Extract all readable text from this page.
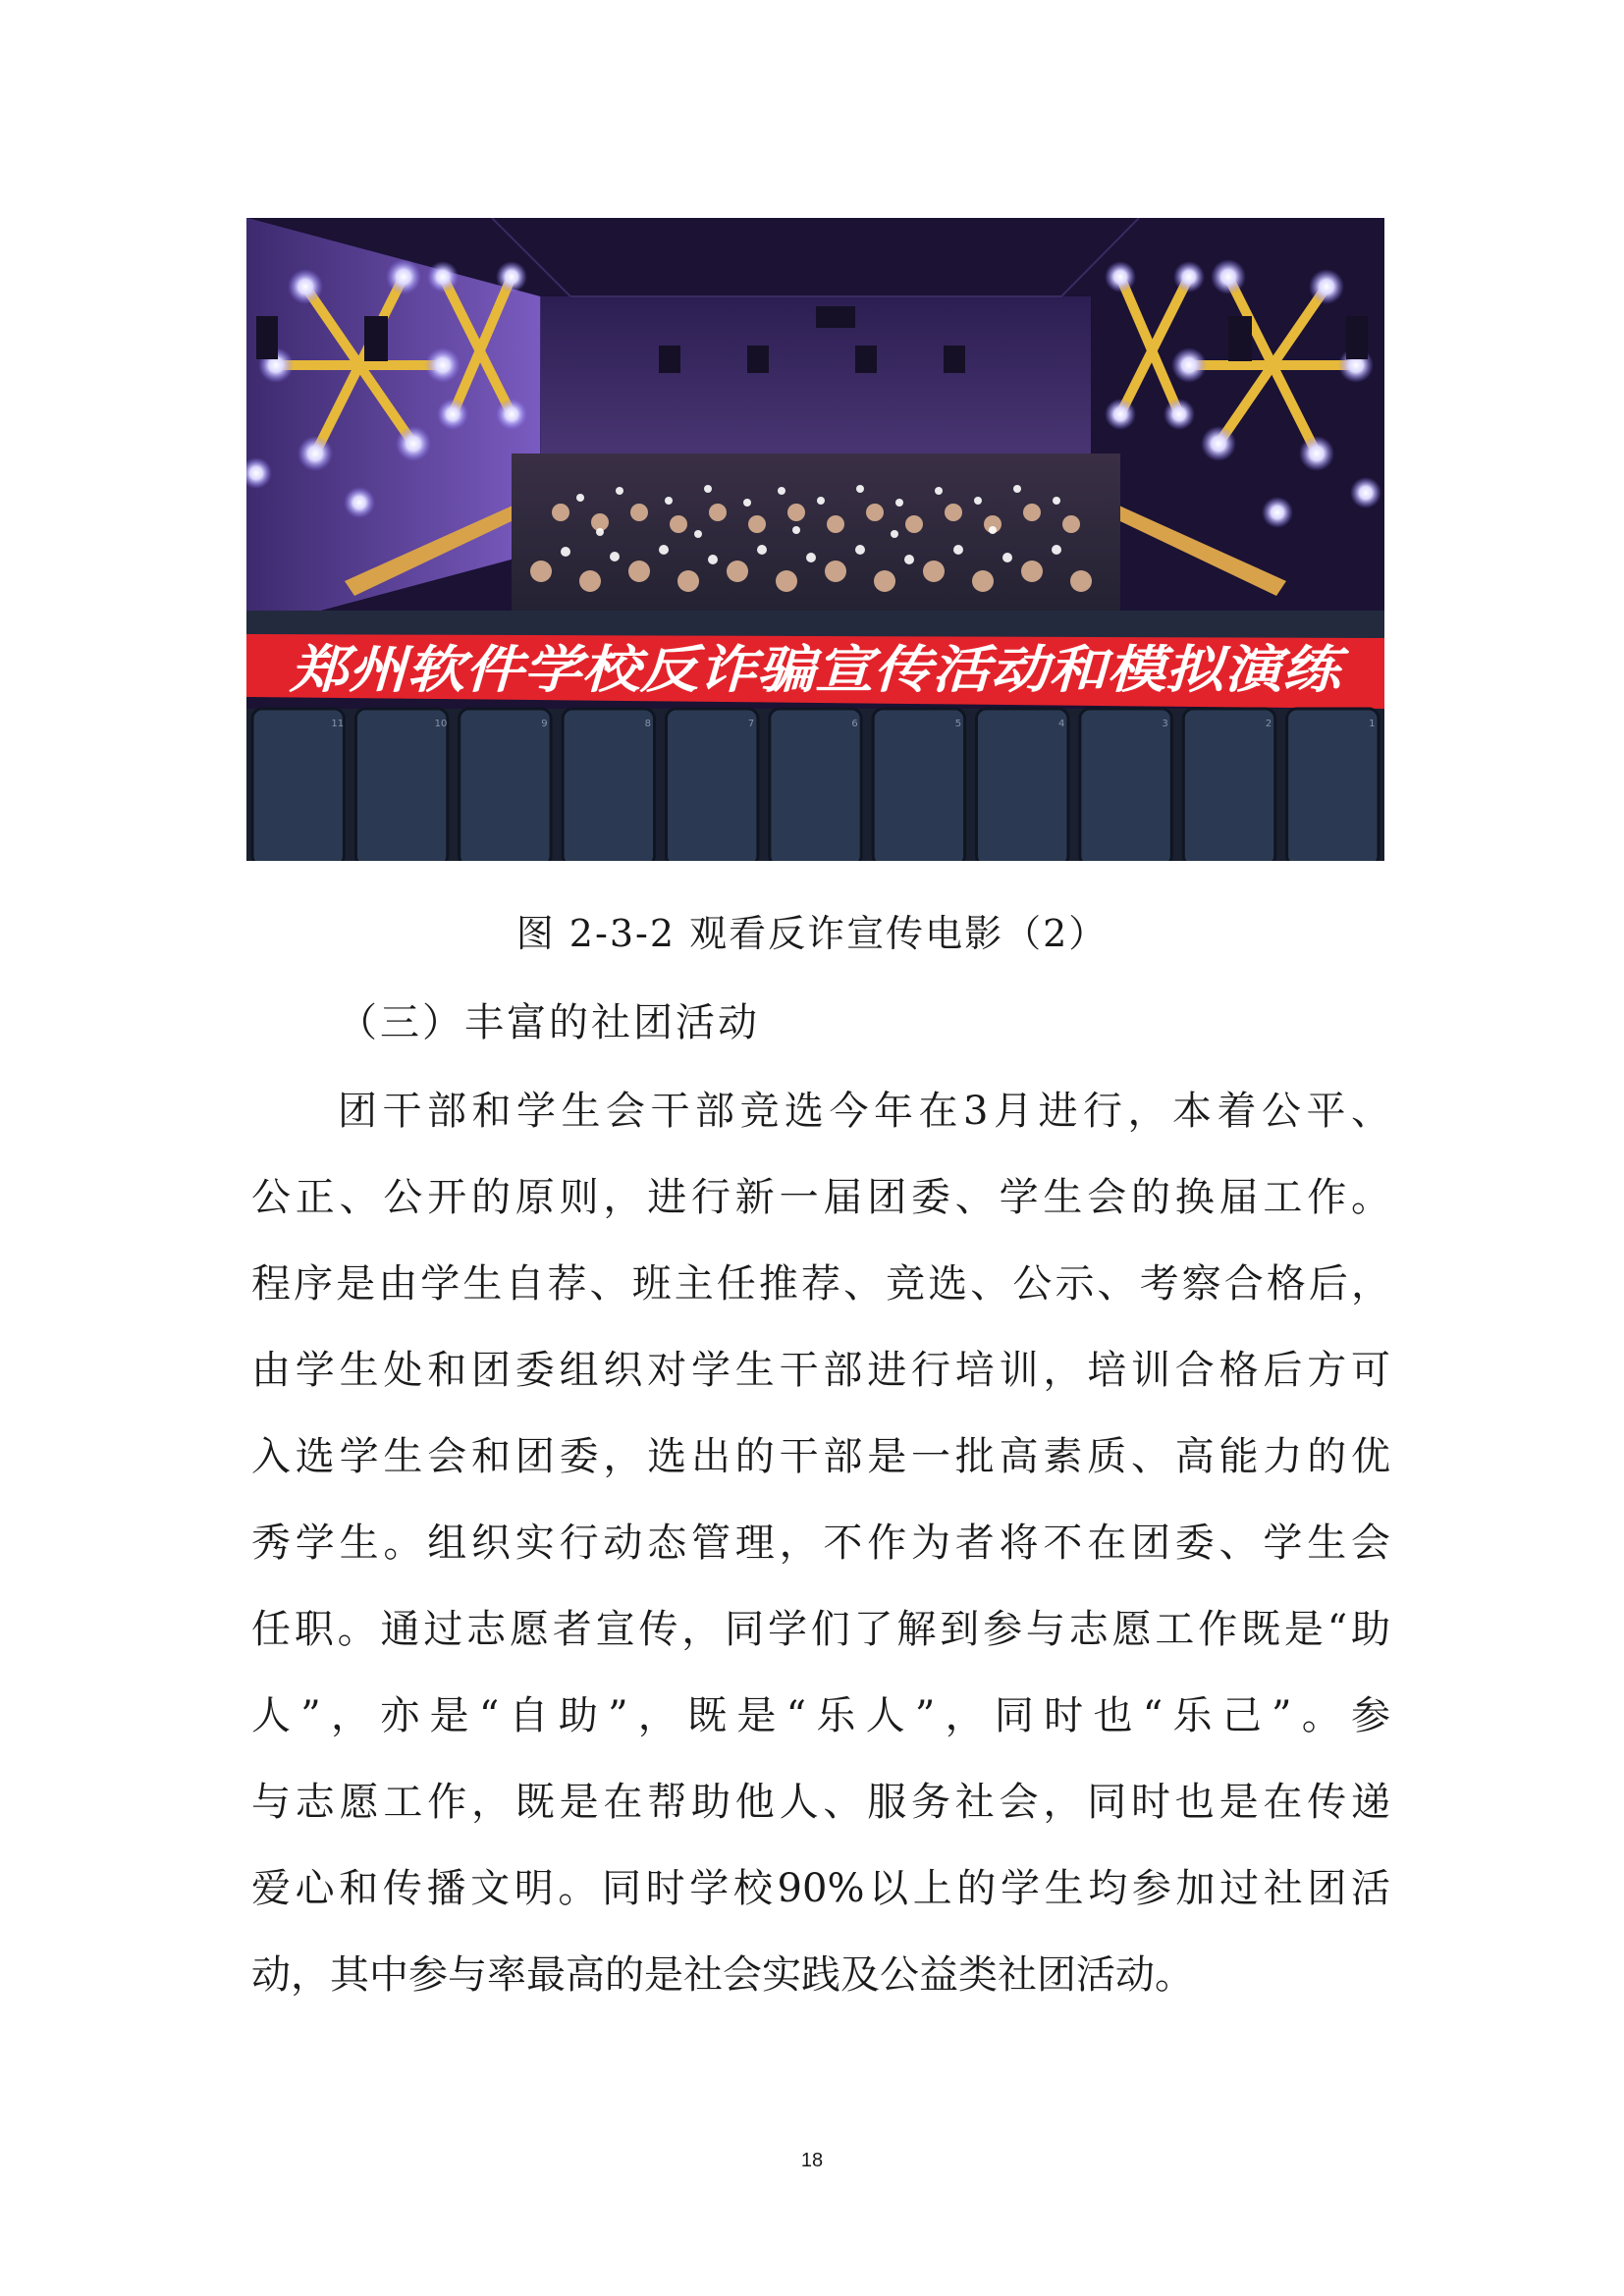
郑州软件学校反诈骗宣传活动和模拟演练
11	10	9	8	7	6	5	4	3	2	1
图 2-3-2 观看反诈宣传电影（2）
（三）丰富的社团活动
团干部和学生会干部竞选今年在3月进行，本着公平、
公正、公开的原则，进行新一届团委、学生会的换届工作。
程序是由学生自荐、班主任推荐、竞选、公示、考察合格后，
由学生处和团委组织对学生干部进行培训，培训合格后方可
入选学生会和团委，选出的干部是一批高素质、高能力的优
秀学生。组织实行动态管理，不作为者将不在团委、学生会
任职。通过志愿者宣传，同学们了解到参与志愿工作既是“助
人”，亦是“自助”，既是“乐人”，同时也“乐己”。参
与志愿工作，既是在帮助他人、服务社会，同时也是在传递
爱心和传播文明。同时学校90%以上的学生均参加过社团活
动，其中参与率最高的是社会实践及公益类社团活动。
18
